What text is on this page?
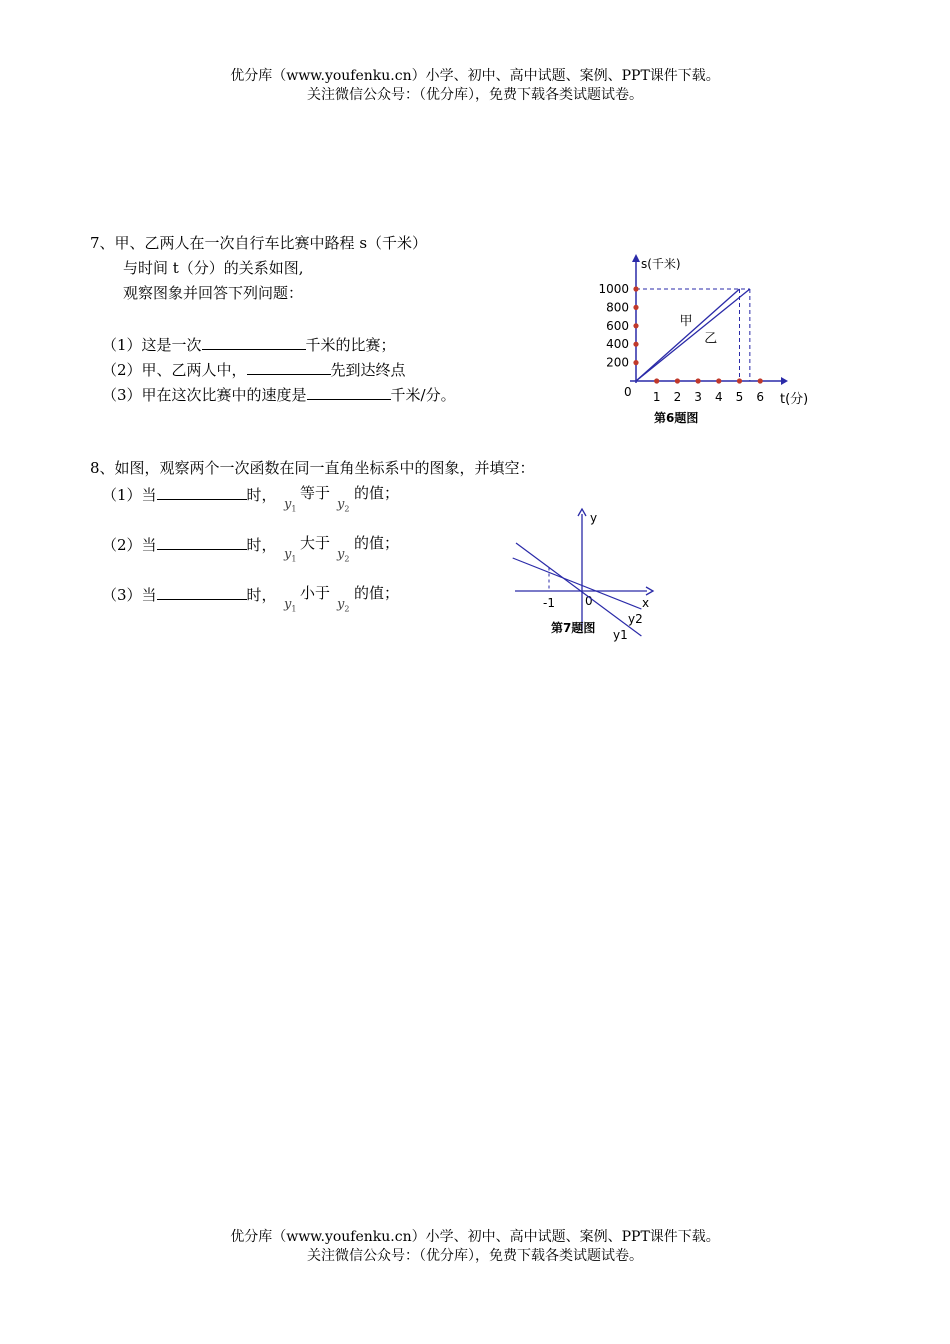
优分库（www.youfenku.cn）小学、初中、高中试题、案例、PPT课件下载。
关注微信公众号：（优分库），免费下载各类试题试卷。
7、甲、乙两人在一次自行车比赛中路程 s（千米）
与时间 t（分）的关系如图,
观察图象并回答下列问题：
（1）这是一次	千米的比赛；
（2）甲、乙两人中，	先到达终点
（3）甲在这次比赛中的速度是	千米/分。
s(千米)
t(分)
0 1 2 3 4 5 6
200
400
600
800
1000
甲
乙
第6题图
8、如图，观察两个一次函数在同一直角坐标系中的图象，并填空：
（1）当	时，
$y_1$
等于
$y_2$
的值；
（2）当	时，
$y_1$
大于
$y_2$
的值；
（3）当	时，
$y_1$
小于
$y_2$
的值；
y
x
0
-1
y2
y1
第7题图
优分库（www.youfenku.cn）小学、初中、高中试题、案例、PPT课件下载。
关注微信公众号：（优分库），免费下载各类试题试卷。
